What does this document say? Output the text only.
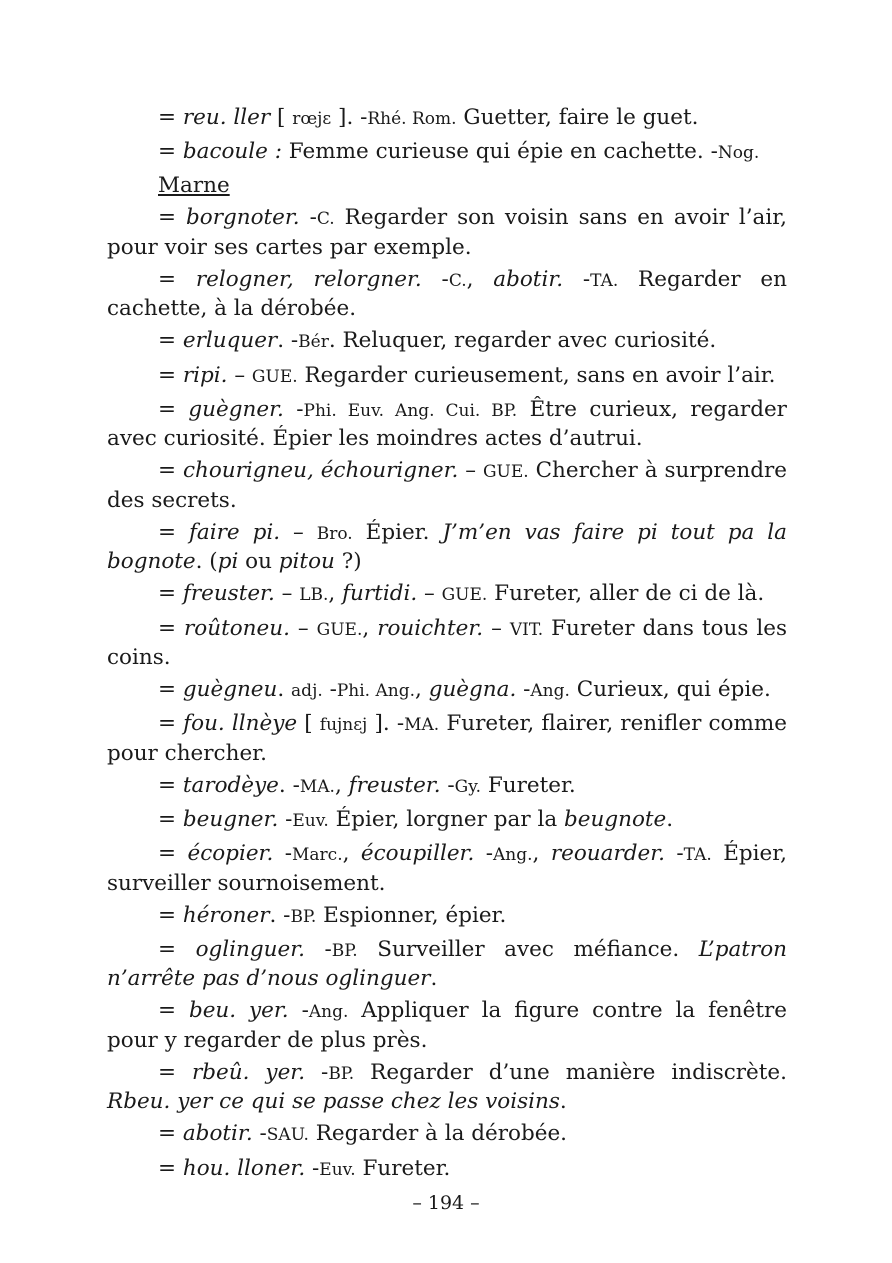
= reu. ller [ rœjɛ ]. -Rhé. Rom. Guetter, faire le guet.

= bacoule : Femme curieuse qui épie en cachette. -Nog.

Marne

= borgnoter. -C. Regarder son voisin sans en avoir l’air, pour voir ses cartes par exemple.

= relogner, relorgner. -C., abotir. -TA. Regarder en cachette, à la dérobée.

= erluquer. -Bér. Reluquer, regarder avec curiosité.

= ripi. – GUE. Regarder curieusement, sans en avoir l’air.

= guègner. -Phi. Euv. Ang. Cui. BP. Être curieux, regarder avec curiosité. Épier les moindres actes d’autrui.

= chourigneu, échourigner. – GUE. Chercher à surprendre des secrets.

= faire pi. – Bro. Épier. J’m’en vas faire pi tout pa la bognote. (pi ou pitou ?)

= freuster. – LB., furtidi. – GUE. Fureter, aller de ci de là.

= roûtoneu. – GUE., rouichter. – VIT. Fureter dans tous les coins.

= guègneu. adj. -Phi. Ang., guègna. -Ang. Curieux, qui épie.

= fou. llnèye [ fujnɛj ]. -MA. Fureter, flairer, renifler comme pour chercher.

= tarodèye. -MA., freuster. -Gy. Fureter.

= beugner. -Euv. Épier, lorgner par la beugnote.

= écopier. -Marc., écoupiller. -Ang., reouarder. -TA. Épier, surveiller sournoisement.

= héroner. -BP. Espionner, épier.

= oglinguer. -BP. Surveiller avec méfiance. L’patron n’arrête pas d’nous oglinguer.

= beu. yer. -Ang. Appliquer la figure contre la fenêtre pour y regarder de plus près.

= rbeû. yer. -BP. Regarder d’une manière indiscrète. Rbeu. yer ce qui se passe chez les voisins.

= abotir. -SAU. Regarder à la dérobée.

= hou. lloner. -Euv. Fureter.

– 194 –
